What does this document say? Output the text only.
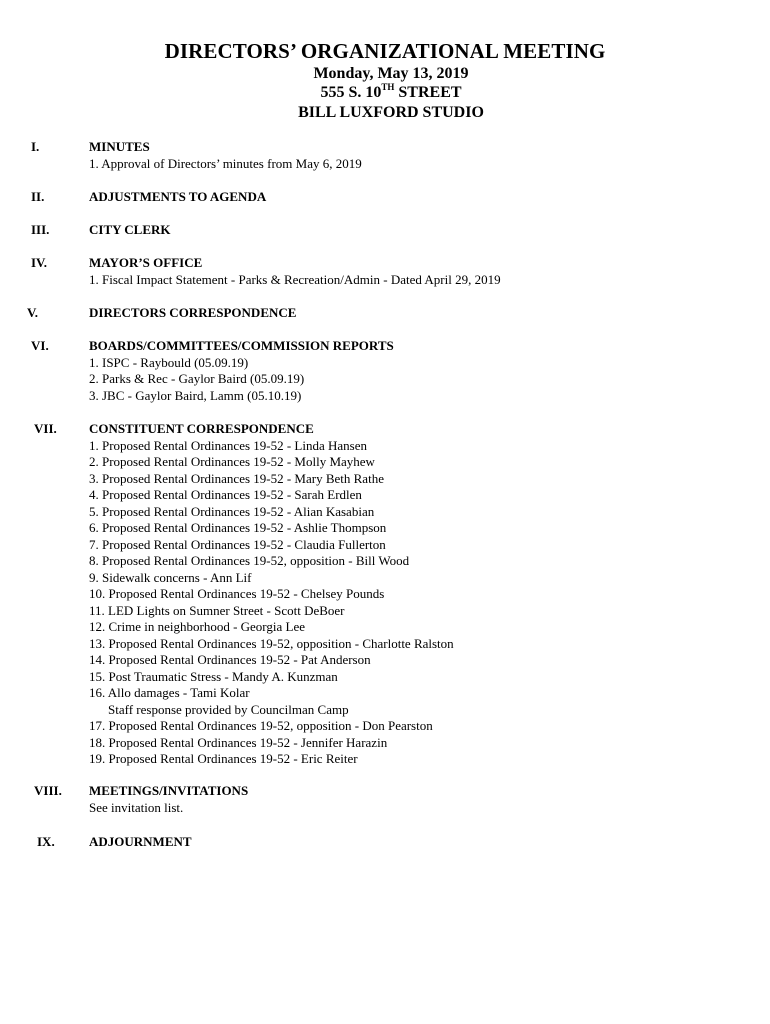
DIRECTORS’ ORGANIZATIONAL MEETING
Monday, May 13, 2019
555 S. 10TH STREET
BILL LUXFORD STUDIO
I.	MINUTES
1. Approval of Directors’ minutes from May 6, 2019
II.	ADJUSTMENTS TO AGENDA
III.	CITY CLERK
IV.	MAYOR’S OFFICE
1. Fiscal Impact Statement - Parks & Recreation/Admin - Dated April 29, 2019
V.	DIRECTORS CORRESPONDENCE
VI.	BOARDS/COMMITTEES/COMMISSION REPORTS
1. ISPC - Raybould (05.09.19)
2. Parks & Rec - Gaylor Baird (05.09.19)
3. JBC - Gaylor Baird, Lamm (05.10.19)
VII. CONSTITUENT CORRESPONDENCE
1. Proposed Rental Ordinances 19-52 - Linda Hansen
2. Proposed Rental Ordinances 19-52 - Molly Mayhew
3. Proposed Rental Ordinances 19-52 - Mary Beth Rathe
4. Proposed Rental Ordinances 19-52 - Sarah Erdlen
5. Proposed Rental Ordinances 19-52 - Alian Kasabian
6. Proposed Rental Ordinances 19-52 - Ashlie Thompson
7. Proposed Rental Ordinances 19-52 - Claudia Fullerton
8. Proposed Rental Ordinances 19-52, opposition - Bill Wood
9. Sidewalk concerns - Ann Lif
10. Proposed Rental Ordinances 19-52 - Chelsey Pounds
11. LED Lights on Sumner Street - Scott DeBoer
12. Crime in neighborhood - Georgia Lee
13. Proposed Rental Ordinances 19-52, opposition - Charlotte Ralston
14. Proposed Rental Ordinances 19-52 - Pat Anderson
15. Post Traumatic Stress - Mandy A. Kunzman
16. Allo damages - Tami Kolar
Staff response provided by Councilman Camp
17. Proposed Rental Ordinances 19-52, opposition - Don Pearston
18. Proposed Rental Ordinances 19-52 - Jennifer Harazin
19. Proposed Rental Ordinances 19-52 - Eric Reiter
VIII. MEETINGS/INVITATIONS
See invitation list.
IX.	ADJOURNMENT
